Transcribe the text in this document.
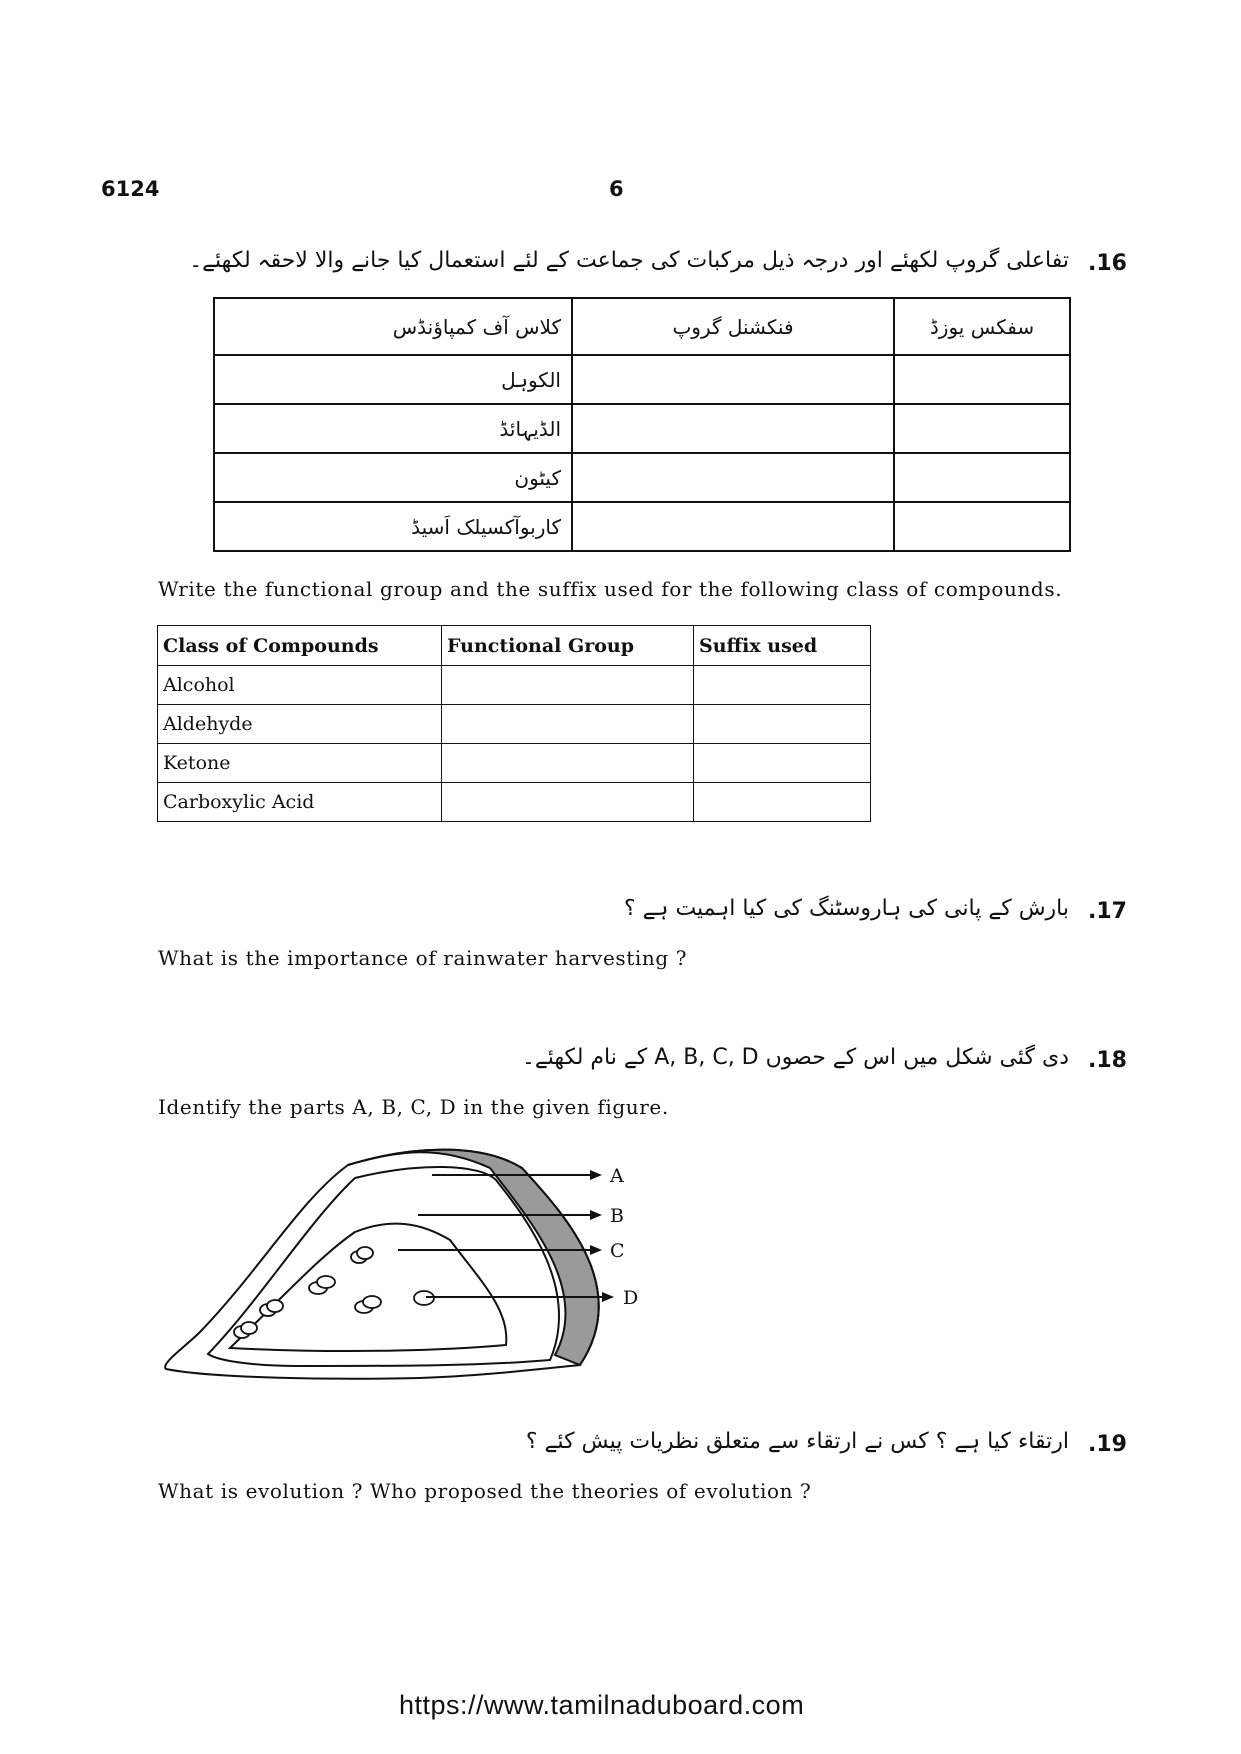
6124	6
.16
تفاعلی گروپ لکھئے اور درجہ ذیل مرکبات کی جماعت کے لئے استعمال کیا جانے والا لاحقہ لکھئے۔
کلاس آف کمپاؤنڈس	فنکشنل گروپ	سفکس یوزڈ
الکوہل		
الڈیہائڈ		
کیٹون		
کاربوآکسیلک اَسیڈ		
Write the functional group and the suffix used for the following class of compounds.
Class of Compounds	Functional Group	Suffix used
Alcohol		
Aldehyde		
Ketone		
Carboxylic Acid		
.17
بارش کے پانی کی ہاروسٹنگ کی کیا اہمیت ہے ؟
What is the importance of rainwater harvesting ?
.18
دی گئی شکل میں اس کے حصوں A, B, C, D کے نام لکھئے۔
Identify the parts A, B, C, D in the given figure.
A
B
C
D
.19
ارتقاء کیا ہے ؟ کس نے ارتقاء سے متعلق نظریات پیش کئے ؟
What is evolution ? Who proposed the theories of evolution ?
https://www.tamilnaduboard.com
